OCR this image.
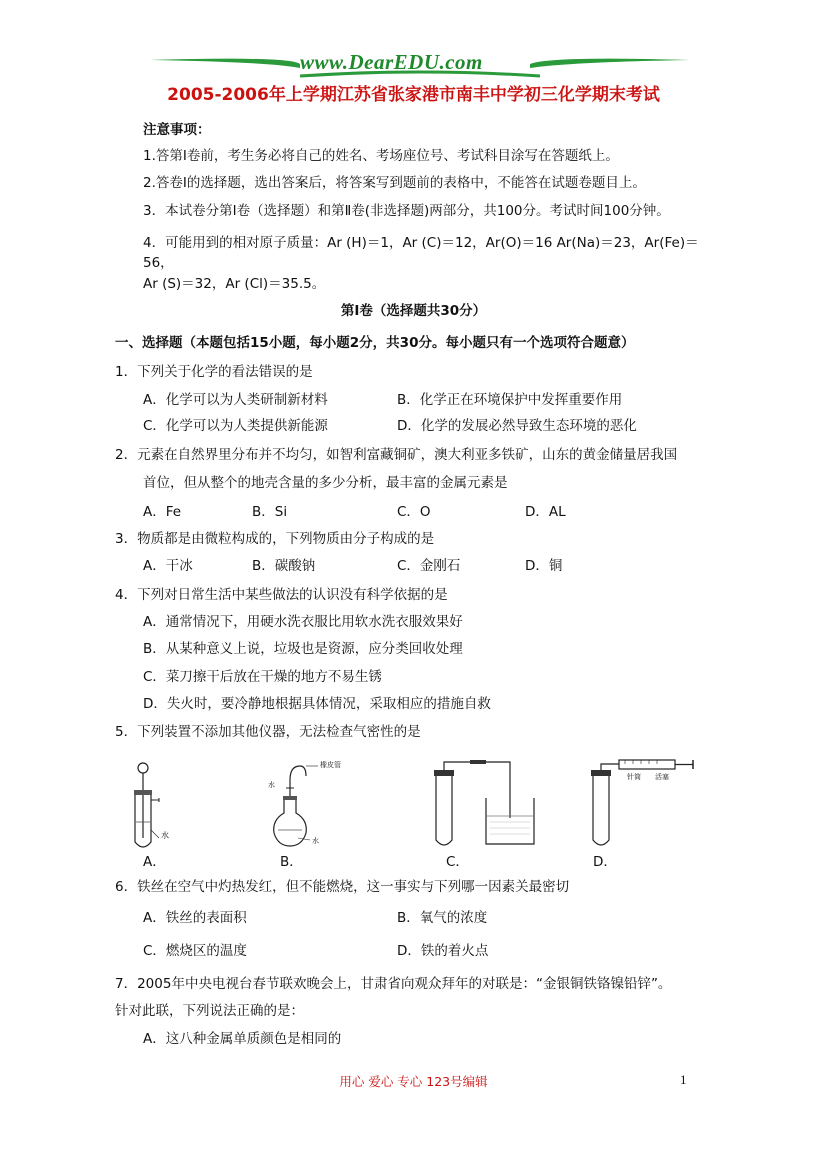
www.DearEDU.com
2005-2006年上学期江苏省张家港市南丰中学初三化学期末考试
注意事项：
1.答第Ⅰ卷前，考生务必将自己的姓名、考场座位号、考试科目涂写在答题纸上。
2.答卷Ⅰ的选择题，选出答案后，将答案写到题前的表格中，不能答在试题卷题目上。
3．本试卷分第Ⅰ卷（选择题）和第Ⅱ卷(非选择题)两部分，共100分。考试时间100分钟。
4．可能用到的相对原子质量：Ar (H)＝1，Ar (C)＝12，Ar(O)＝16 Ar(Na)＝23，Ar(Fe)＝
56，
Ar (S)＝32，Ar (Cl)＝35.5。
第Ⅰ卷（选择题共30分）
一、选择题（本题包括15小题，每小题2分，共30分。每小题只有一个选项符合题意）
1．下列关于化学的看法错误的是
A．化学可以为人类研制新材料	B．化学正在环境保护中发挥重要作用
C．化学可以为人类提供新能源	D．化学的发展必然导致生态环境的恶化
2．元素在自然界里分布并不均匀，如智利富藏铜矿，澳大利亚多铁矿，山东的黄金储量居我国
首位，但从整个的地壳含量的多少分析，最丰富的金属元素是
A．Fe	B．Si	C．O	D．AL
3．物质都是由微粒构成的，下列物质由分子构成的是
A．干冰	B．碳酸钠	C．金刚石	D．铜
4．下列对日常生活中某些做法的认识没有科学依据的是
A．通常情况下，用硬水洗衣服比用软水洗衣服效果好
B．从某种意义上说，垃圾也是资源，应分类回收处理
C．菜刀擦干后放在干燥的地方不易生锈
D．失火时，要冷静地根据具体情况，采取相应的措施自救
5．下列装置不添加其他仪器，无法检查气密性的是
水
A．
橡皮管
水
水
B．	C．
针筒 活塞
D．
6．铁丝在空气中灼热发红，但不能燃烧，这一事实与下列哪一因素关最密切
A．铁丝的表面积	B．氧气的浓度
C．燃烧区的温度	D．铁的着火点
7．2005年中央电视台春节联欢晚会上，甘肃省向观众拜年的对联是：“金银铜铁铬镍铅锌”。
针对此联，下列说法正确的是：
A．这八种金属单质颜色是相同的
用心 爱心 专心 123号编辑	1
